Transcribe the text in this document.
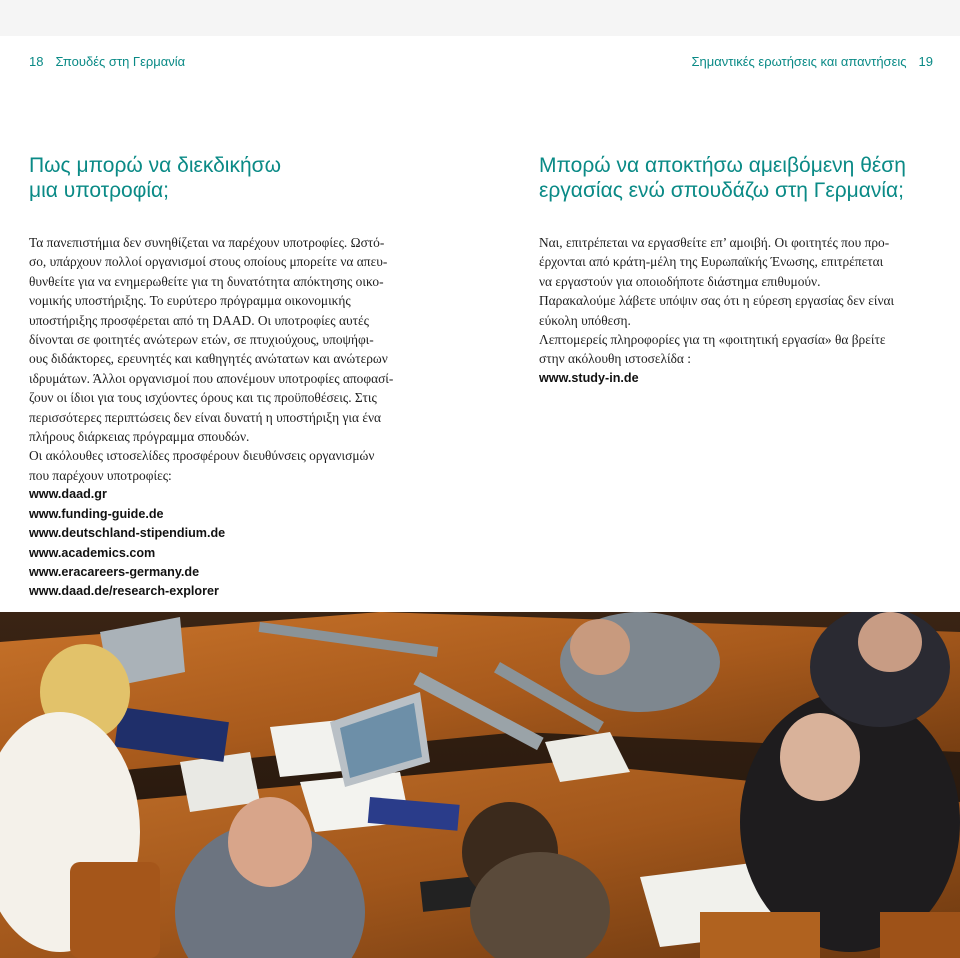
18 Σπουδές στη Γερμανία	Σημαντικές ερωτήσεις και απαντήσεις 19
Πως μπορώ να διεκδικήσω
μια υποτροφία;
Μπορώ να αποκτήσω αμειβόμενη θέση
εργασίας ενώ σπουδάζω στη Γερμανία;
Τα πανεπιστήμια δεν συνηθίζεται να παρέχουν υποτροφίες. Ωστό-
σο, υπάρχουν πολλοί οργανισμοί στους οποίους μπορείτε να απευ-
θυνθείτε για να ενημερωθείτε για τη δυνατότητα απόκτησης οικο-
νομικής υποστήριξης. Το ευρύτερο πρόγραμμα οικονομικής
υποστήριξης προσφέρεται από τη DAAD. Οι υποτροφίες αυτές
δίνονται σε φοιτητές ανώτερων ετών, σε πτυχιούχους, υποψήφι-
ους διδάκτορες, ερευνητές και καθηγητές ανώτατων και ανώτερων
ιδρυμάτων. Άλλοι οργανισμοί που απονέμουν υποτροφίες αποφασί-
ζουν οι ίδιοι για τους ισχύοντες όρους και τις προϋποθέσεις. Στις
περισσότερες περιπτώσεις δεν είναι δυνατή η υποστήριξη για ένα
πλήρους διάρκειας πρόγραμμα σπουδών.
Οι ακόλουθες ιστοσελίδες προσφέρουν διευθύνσεις οργανισμών
που παρέχουν υποτροφίες:
www.daad.gr
www.funding-guide.de
www.deutschland-stipendium.de
www.academics.com
www.eracareers-germany.de
www.daad.de/research-explorer
Ναι, επιτρέπεται να εργασθείτε επ’ αμοιβή. Οι φοιτητές που προ-
έρχονται από κράτη-μέλη της Ευρωπαϊκής Ένωσης, επιτρέπεται
να εργαστούν για οποιοδήποτε διάστημα επιθυμούν.
Παρακαλούμε λάβετε υπόψιν σας ότι η εύρεση εργασίας δεν είναι
εύκολη υπόθεση.
Λεπτομερείς πληροφορίες για τη «φοιτητική εργασία» θα βρείτε
στην ακόλουθη ιστοσελίδα :
www.study-in.de
